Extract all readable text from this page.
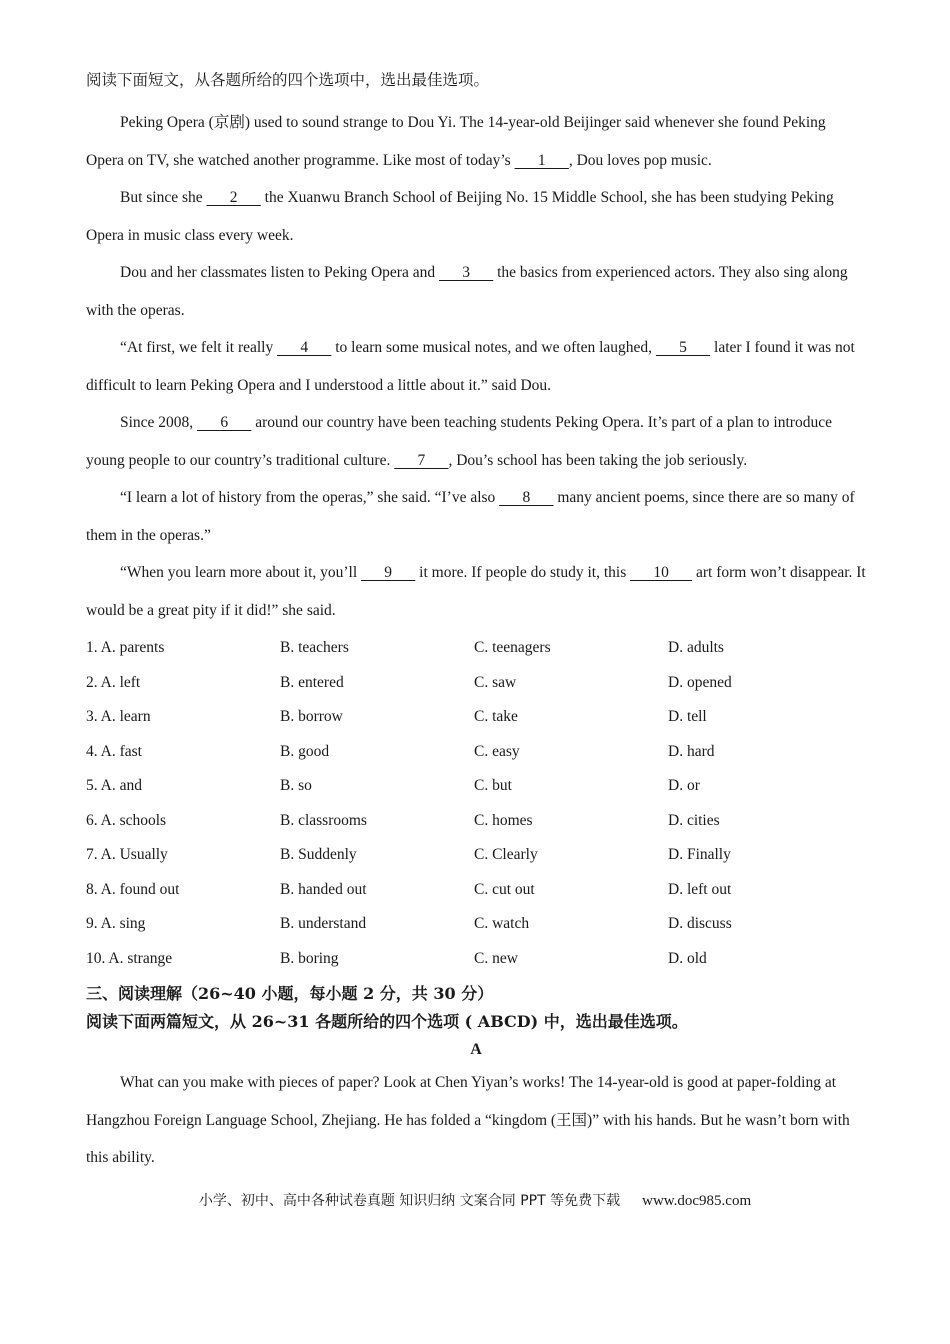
阅读下面短文，从各题所给的四个选项中，选出最佳选项。

Peking Opera (京剧) used to sound strange to Dou Yi. The 14-year-old Beijinger said whenever she found Peking Opera on TV, she watched another programme. Like most of today’s    1   , Dou loves pop music.

But since she    2    the Xuanwu Branch School of Beijing No. 15 Middle School, she has been studying Peking Opera in music class every week.

Dou and her classmates listen to Peking Opera and    3    the basics from experienced actors. They also sing along with the operas.

“At first, we felt it really    4    to learn some musical notes, and we often laughed,    5    later I found it was not difficult to learn Peking Opera and I understood a little about it.” said Dou.

Since 2008,    6    around our country have been teaching students Peking Opera. It’s part of a plan to introduce young people to our country’s traditional culture.    7   , Dou’s school has been taking the job seriously.

“I learn a lot of history from the operas,” she said. “I’ve also    8    many ancient poems, since there are so many of them in the operas.”

“When you learn more about it, you’ll    9    it more. If people do study it, this    10    art form won’t disappear. It would be a great pity if it did!” she said.

1. A. parents	B. teachers	C. teenagers	D. adults
2. A. left	B. entered	C. saw	D. opened
3. A. learn	B. borrow	C. take	D. tell
4. A. fast	B. good	C. easy	D. hard
5. A. and	B. so	C. but	D. or
6. A. schools	B. classrooms	C. homes	D. cities
7. A. Usually	B. Suddenly	C. Clearly	D. Finally
8. A. found out	B. handed out	C. cut out	D. left out
9. A. sing	B. understand	C. watch	D. discuss
10. A. strange	B. boring	C. new	D. old

三、阅读理解（26~40 小题，每小题 2 分，共 30 分）

阅读下面两篇短文，从 26~31 各题所给的四个选项 ( ABCD) 中，选出最佳选项。

A

What can you make with pieces of paper? Look at Chen Yiyan’s works! The 14-year-old is good at paper-folding at Hangzhou Foreign Language School, Zhejiang. He has folded a “kingdom (王国)” with his hands. But he wasn’t born with this ability.

小学、初中、高中各种试卷真题 知识归纳 文案合同 PPT 等免费下载 www.doc985.com
